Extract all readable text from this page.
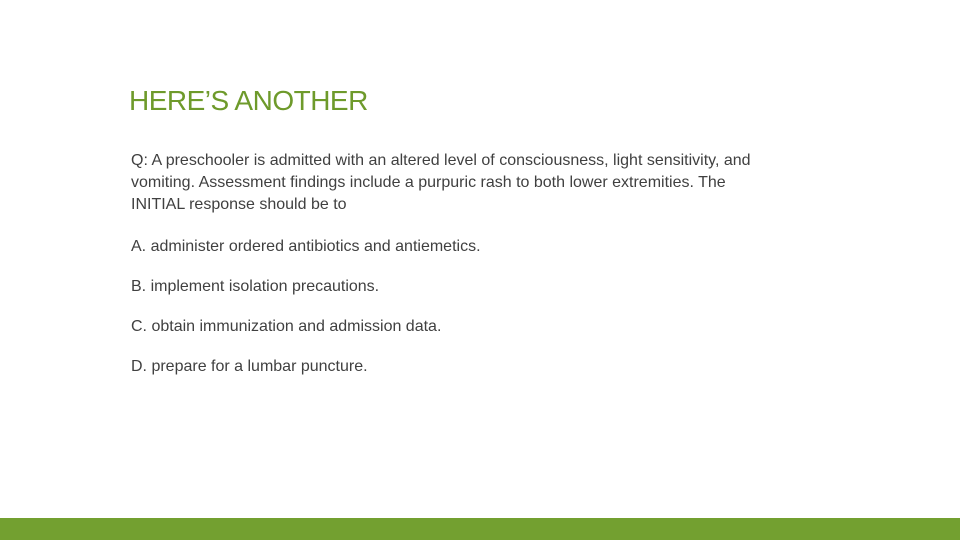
HERE’S ANOTHER

Q: A preschooler is admitted with an altered level of consciousness, light sensitivity, and vomiting. Assessment findings include a purpuric rash to both lower extremities. The INITIAL response should be to

A. administer ordered antibiotics and antiemetics.

B. implement isolation precautions.

C. obtain immunization and admission data.

D. prepare for a lumbar puncture.
